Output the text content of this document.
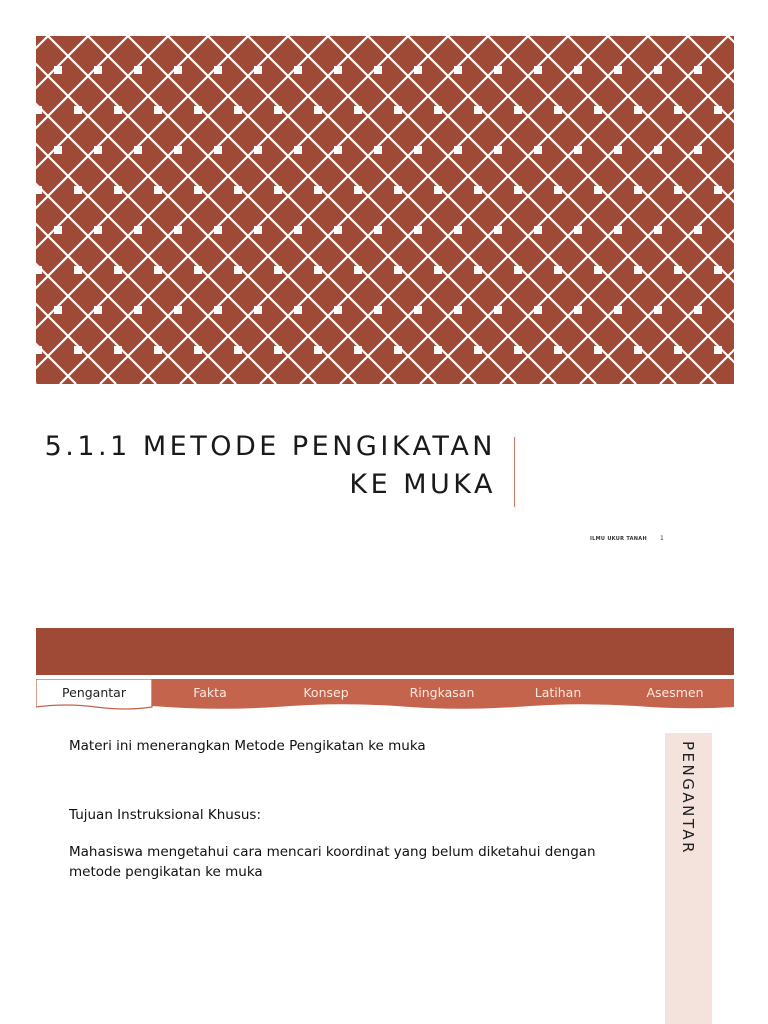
5.1.1 METODE PENGIKATAN
KE MUKA
ILMU UKUR TANAH 1
Pengantar	Fakta	Konsep	Ringkasan	Latihan	Asesmen

Materi ini menerangkan Metode Pengikatan ke muka

Tujuan Instruksional Khusus:

Mahasiswa mengetahui cara mencari koordinat yang belum diketahui dengan metode pengikatan ke muka

PENGANTAR
